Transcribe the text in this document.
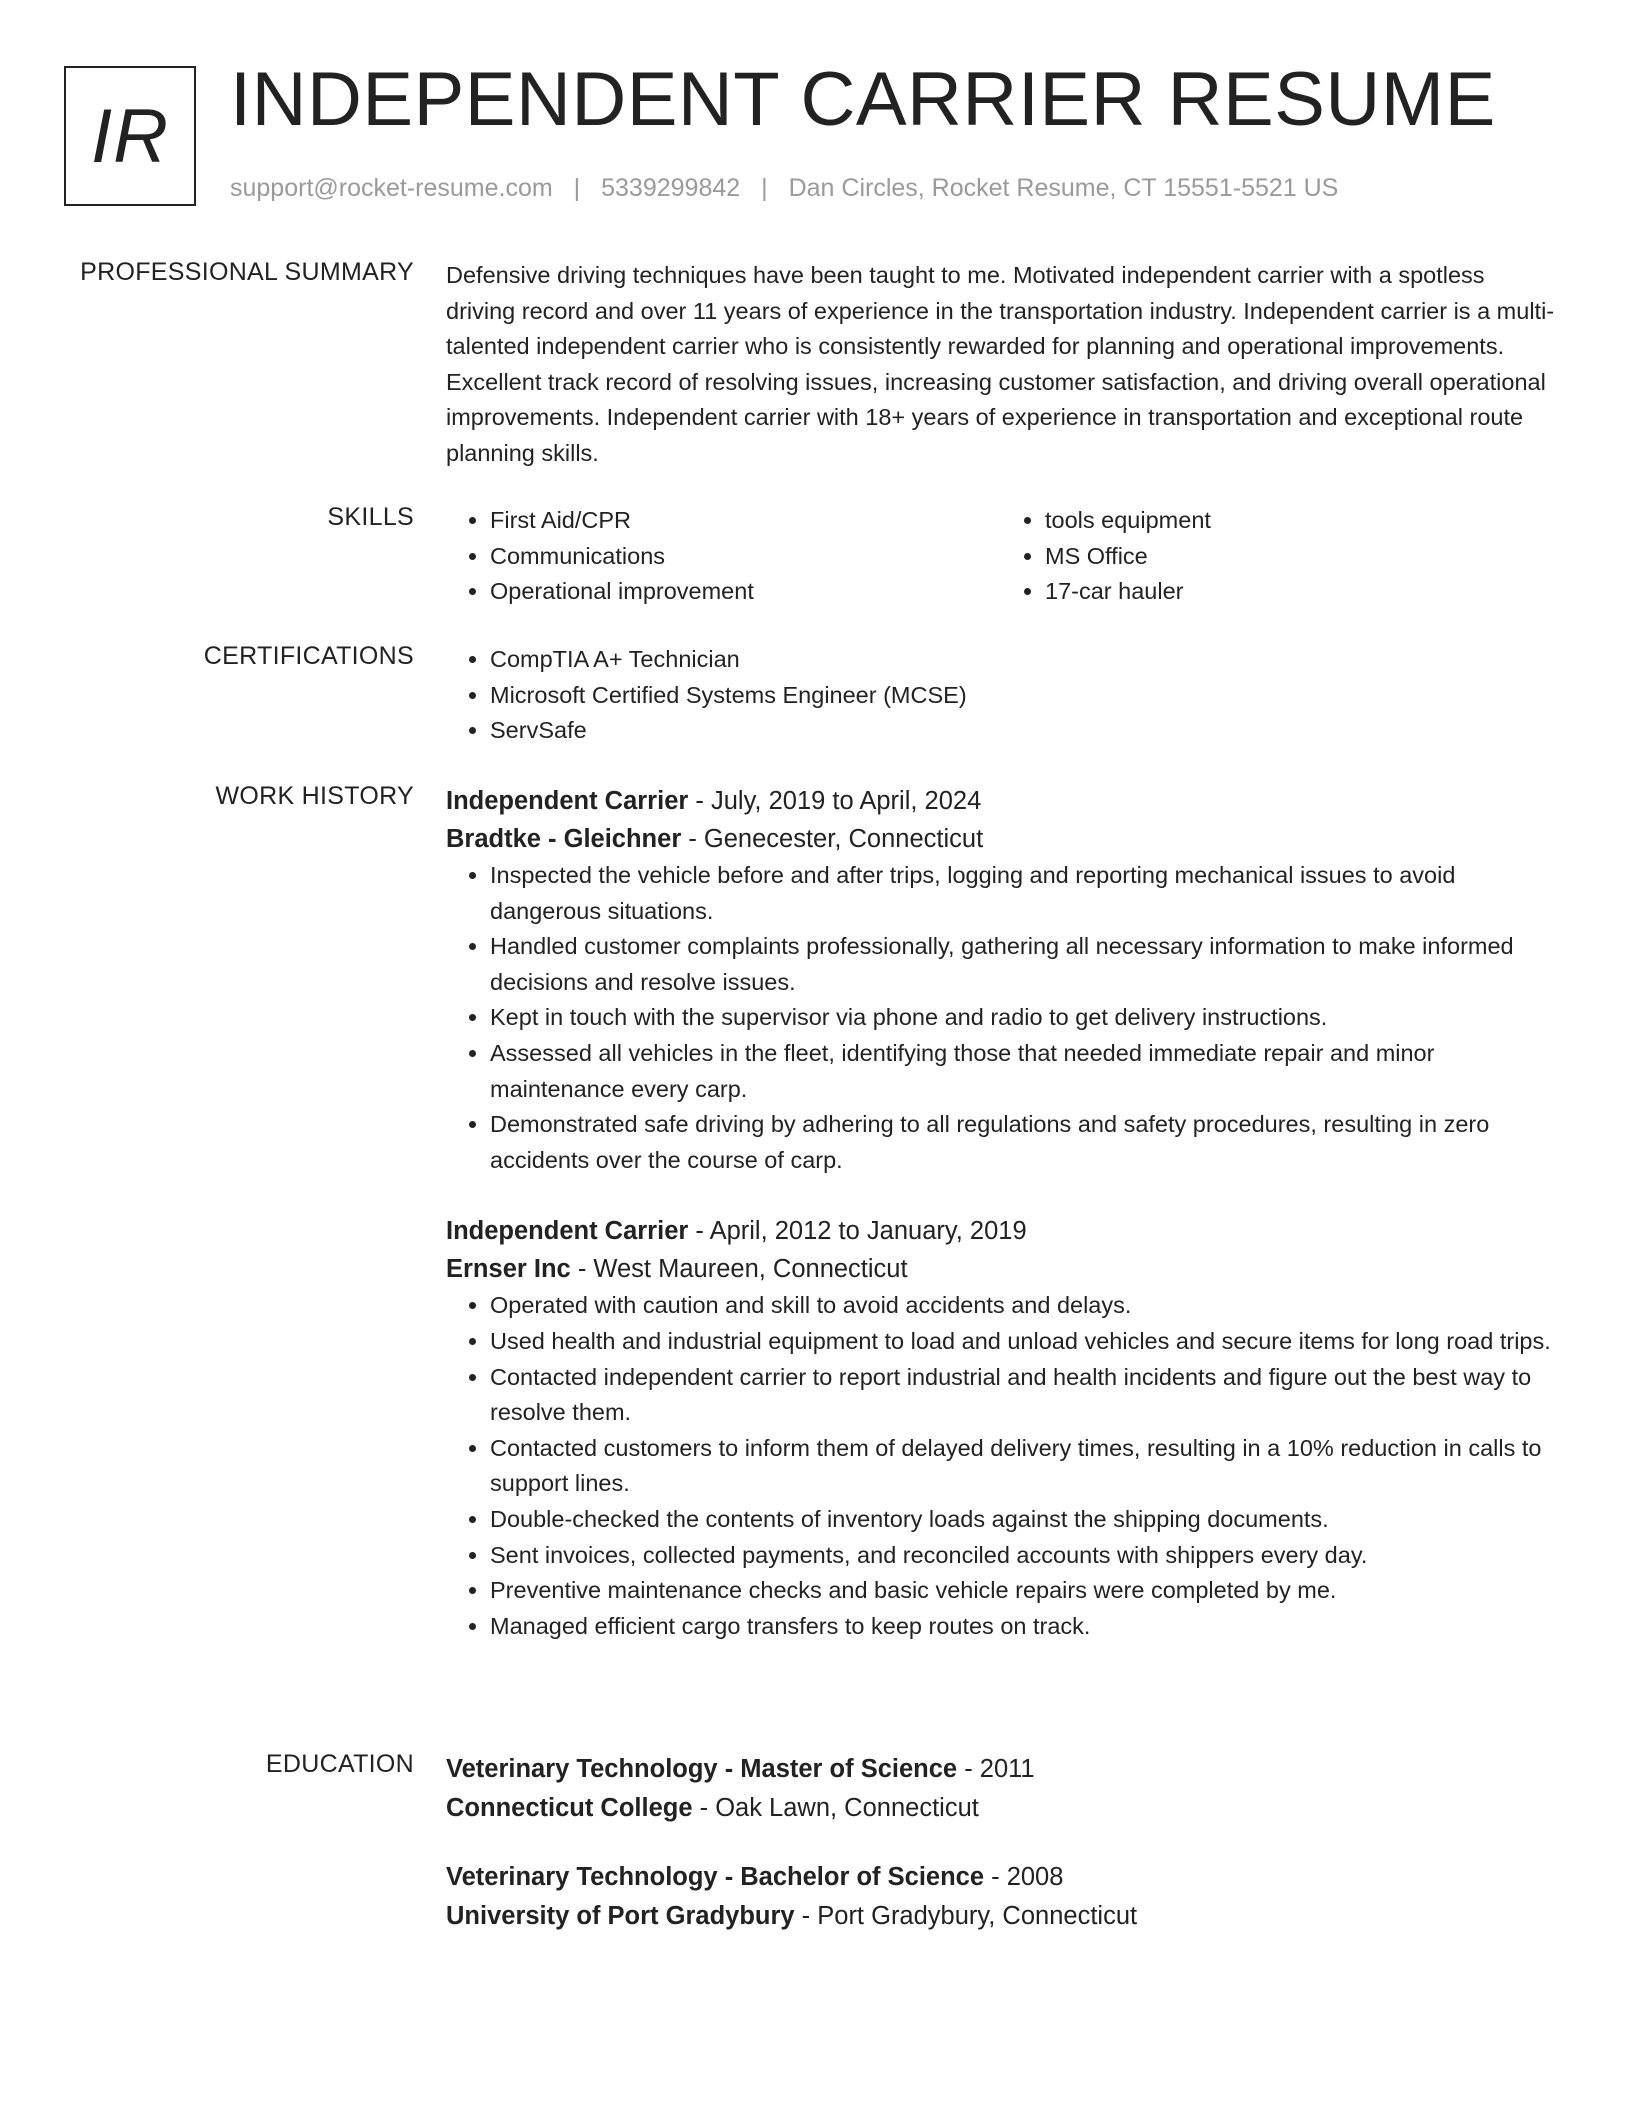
IR INDEPENDENT CARRIER RESUME
support@rocket-resume.com | 5339299842 | Dan Circles, Rocket Resume, CT 15551-5521 US
PROFESSIONAL SUMMARY Defensive driving techniques have been taught to me. Motivated independent carrier with a spotless driving record and over 11 years of experience in the transportation industry. Independent carrier is a multi-talented independent carrier who is consistently rewarded for planning and operational improvements. Excellent track record of resolving issues, increasing customer satisfaction, and driving overall operational improvements. Independent carrier with 18+ years of experience in transportation and exceptional route planning skills.

SKILLS	• First Aid/CPR
• Communications
• Operational improvement
• tools equipment
• MS Office
• 17-car hauler
CERTIFICATIONS	• CompTIA A+ Technician
• Microsoft Certified Systems Engineer (MCSE)
• ServSafe
WORK HISTORY Independent Carrier - July, 2019 to April, 2024
Bradtke - Gleichner - Genecester, Connecticut
• Inspected the vehicle before and after trips, logging and reporting mechanical issues to avoid dangerous situations.
• Handled customer complaints professionally, gathering all necessary information to make informed decisions and resolve issues.
• Kept in touch with the supervisor via phone and radio to get delivery instructions.
• Assessed all vehicles in the fleet, identifying those that needed immediate repair and minor maintenance every carp.
• Demonstrated safe driving by adhering to all regulations and safety procedures, resulting in zero accidents over the course of carp.
Independent Carrier - April, 2012 to January, 2019
Ernser Inc - West Maureen, Connecticut
• Operated with caution and skill to avoid accidents and delays.
• Used health and industrial equipment to load and unload vehicles and secure items for long road trips.
• Contacted independent carrier to report industrial and health incidents and figure out the best way to resolve them.
• Contacted customers to inform them of delayed delivery times, resulting in a 10% reduction in calls to support lines.
• Double-checked the contents of inventory loads against the shipping documents.
• Sent invoices, collected payments, and reconciled accounts with shippers every day.
• Preventive maintenance checks and basic vehicle repairs were completed by me.
• Managed efficient cargo transfers to keep routes on track.
EDUCATION Veterinary Technology - Master of Science - 2011
Connecticut College - Oak Lawn, Connecticut
Veterinary Technology - Bachelor of Science - 2008
University of Port Gradybury - Port Gradybury, Connecticut
